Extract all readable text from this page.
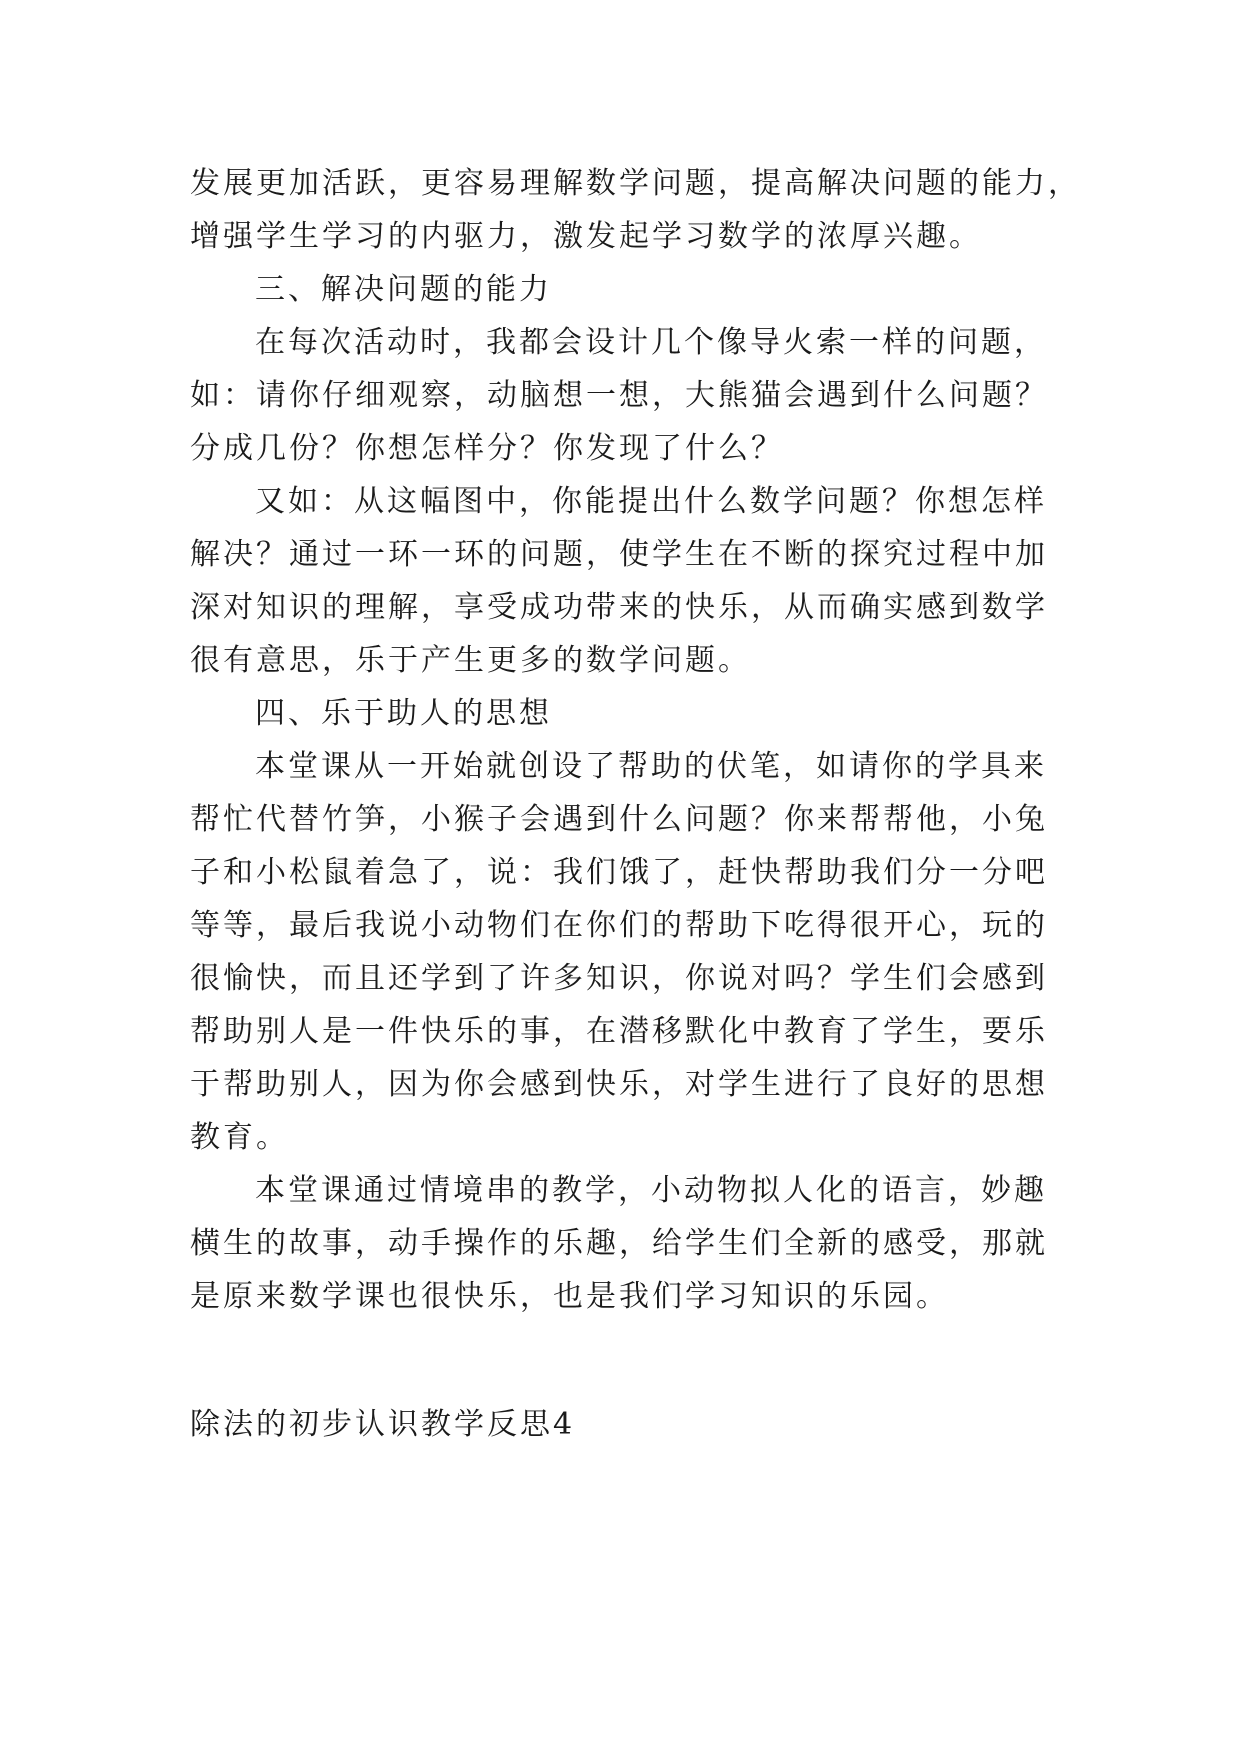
发展更加活跃，更容易理解数学问题，提高解决问题的能力，
增强学生学习的内驱力，激发起学习数学的浓厚兴趣。
三、解决问题的能力
在每次活动时，我都会设计几个像导火索一样的问题，
如：请你仔细观察，动脑想一想，大熊猫会遇到什么问题？
分成几份？你想怎样分？你发现了什么？
又如：从这幅图中，你能提出什么数学问题？你想怎样
解决？通过一环一环的问题，使学生在不断的探究过程中加
深对知识的理解，享受成功带来的快乐，从而确实感到数学
很有意思，乐于产生更多的数学问题。
四、乐于助人的思想
本堂课从一开始就创设了帮助的伏笔，如请你的学具来
帮忙代替竹笋，小猴子会遇到什么问题？你来帮帮他，小兔
子和小松鼠着急了，说：我们饿了，赶快帮助我们分一分吧
等等，最后我说小动物们在你们的帮助下吃得很开心，玩的
很愉快，而且还学到了许多知识，你说对吗？学生们会感到
帮助别人是一件快乐的事，在潜移默化中教育了学生，要乐
于帮助别人，因为你会感到快乐，对学生进行了良好的思想
教育。
本堂课通过情境串的教学，小动物拟人化的语言，妙趣
横生的故事，动手操作的乐趣，给学生们全新的感受，那就
是原来数学课也很快乐，也是我们学习知识的乐园。
除法的初步认识教学反思4
